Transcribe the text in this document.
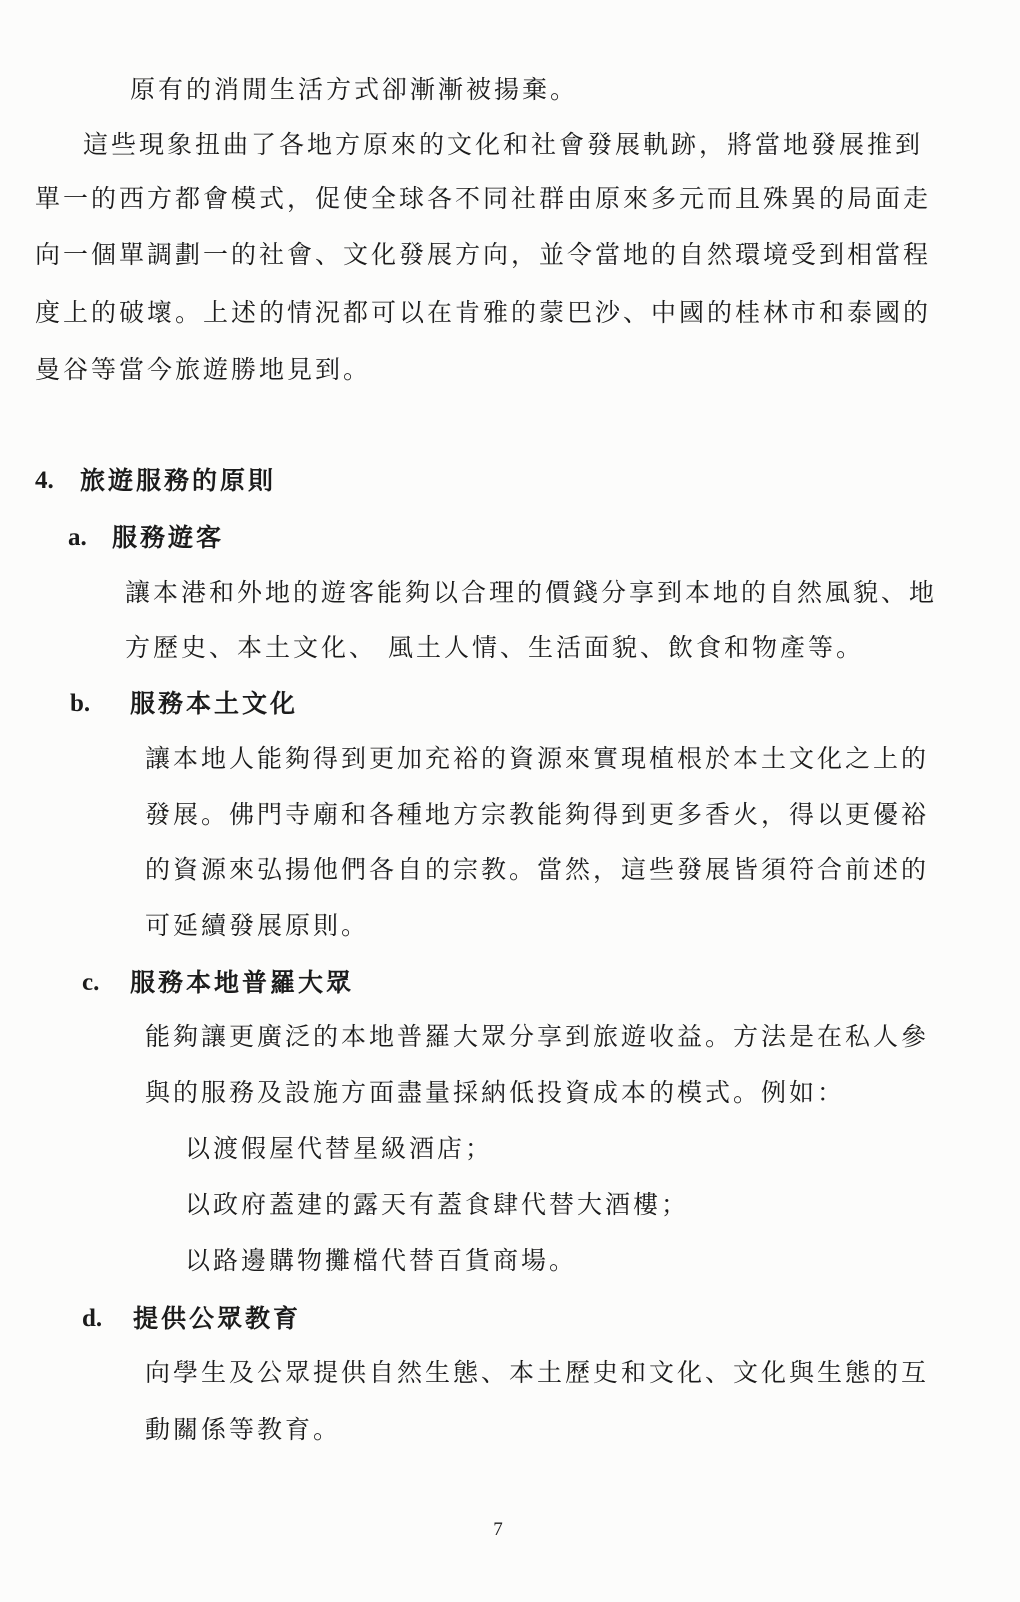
原有的消閒生活方式卻漸漸被揚棄。
這些現象扭曲了各地方原來的文化和社會發展軌跡，將當地發展推到
單一的西方都會模式，促使全球各不同社群由原來多元而且殊異的局面走
向一個單調劃一的社會、文化發展方向，並令當地的自然環境受到相當程
度上的破壞。上述的情況都可以在肯雅的蒙巴沙、中國的桂林市和泰國的
曼谷等當今旅遊勝地見到。
4. 旅遊服務的原則
a. 服務遊客
讓本港和外地的遊客能夠以合理的價錢分享到本地的自然風貌、地
方歷史、本土文化、 風土人情、生活面貌、飲食和物產等。
b. 服務本土文化
讓本地人能夠得到更加充裕的資源來實現植根於本土文化之上的
發展。佛門寺廟和各種地方宗教能夠得到更多香火，得以更優裕
的資源來弘揚他們各自的宗教。當然，這些發展皆須符合前述的
可延續發展原則。
c. 服務本地普羅大眾
能夠讓更廣泛的本地普羅大眾分享到旅遊收益。方法是在私人參
與的服務及設施方面盡量採納低投資成本的模式。例如：
以渡假屋代替星級酒店；
以政府蓋建的露天有蓋食肆代替大酒樓；
以路邊購物攤檔代替百貨商場。
d. 提供公眾教育
向學生及公眾提供自然生態、本土歷史和文化、文化與生態的互
動關係等教育。
7
